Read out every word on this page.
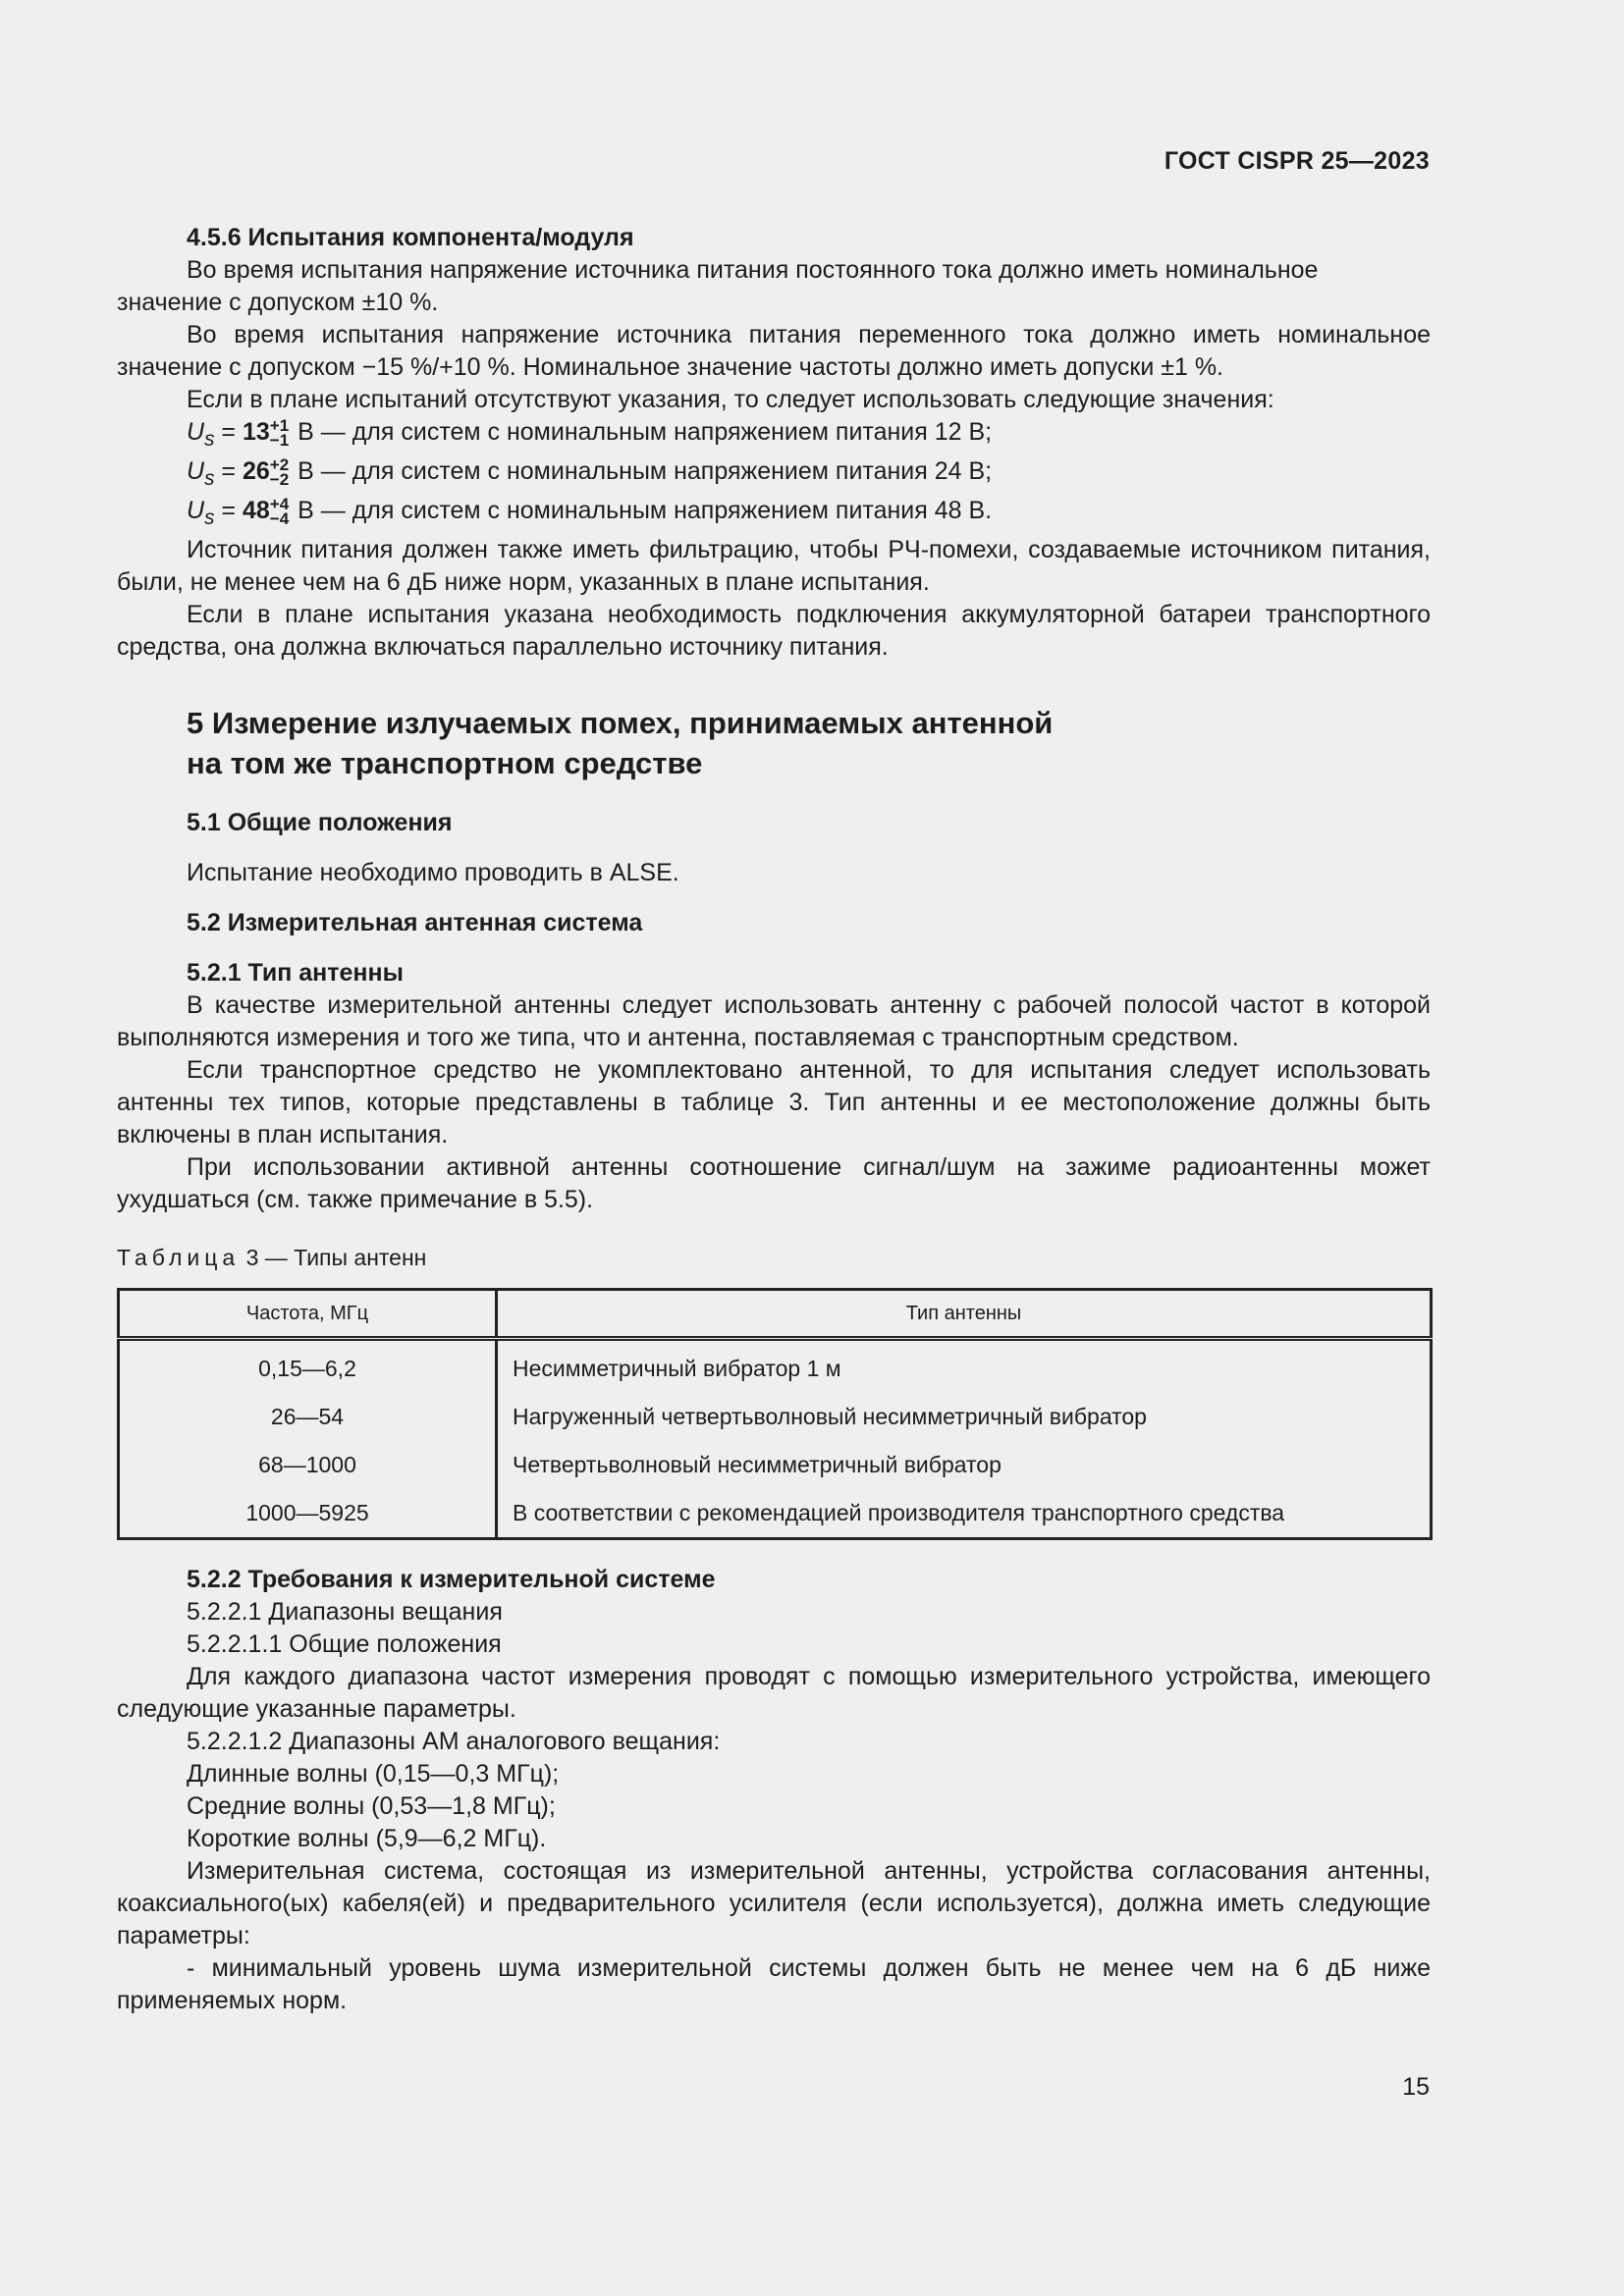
ГОСТ CISPR 25—2023

4.5.6 Испытания компонента/модуля

Во время испытания напряжение источника питания постоянного тока должно иметь номинальное

значение с допуском ±10 %.

Во время испытания напряжение источника питания переменного тока должно иметь номинальное значение с допуском −15 %/+10 %. Номинальное значение частоты должно иметь допуски ±1 %.

Если в плане испытаний отсутствуют указания, то следует использовать следующие значения:

$U_s = 13 +1$
−1 В — для систем с номинальным напряжением питания 12 В;

$U_s = 26 +2$
−2 В — для систем с номинальным напряжением питания 24 В;

$U_s = 48 +4$
−4 В — для систем с номинальным напряжением питания 48 В.

Источник питания должен также иметь фильтрацию, чтобы РЧ-помехи, создаваемые источником питания, были, не менее чем на 6 дБ ниже норм, указанных в плане испытания.

Если в плане испытания указана необходимость подключения аккумуляторной батареи транспортного средства, она должна включаться параллельно источнику питания.

5 Измерение излучаемых помех, принимаемых антенной
на том же транспортном средстве

5.1 Общие положения

Испытание необходимо проводить в ALSE.

5.2 Измерительная антенная система

5.2.1 Тип антенны

В качестве измерительной антенны следует использовать антенну с рабочей полосой частот в которой выполняются измерения и того же типа, что и антенна, поставляемая с транспортным средством.

Если транспортное средство не укомплектовано антенной, то для испытания следует использовать антенны тех типов, которые представлены в таблице 3. Тип антенны и ее местоположение должны быть включены в план испытания.

При использовании активной антенны соотношение сигнал/шум на зажиме радиоантенны может ухудшаться (см. также примечание в 5.5).

Таблица 3 — Типы антенн

Частота, МГц	Тип антенны
0,15—6,2	Несимметричный вибратор 1 м
26—54	Нагруженный четвертьволновый несимметричный вибратор
68—1000	Четвертьволновый несимметричный вибратор
1000—5925	В соответствии с рекомендацией производителя транспортного средства

5.2.2 Требования к измерительной системе

5.2.2.1 Диапазоны вещания

5.2.2.1.1 Общие положения

Для каждого диапазона частот измерения проводят с помощью измерительного устройства, имеющего следующие указанные параметры.

5.2.2.1.2 Диапазоны АМ аналогового вещания:

Длинные волны (0,15—0,3 МГц);

Средние волны (0,53—1,8 МГц);

Короткие волны (5,9—6,2 МГц).

Измерительная система, состоящая из измерительной антенны, устройства согласования антенны, коаксиального(ых) кабеля(ей) и предварительного усилителя (если используется), должна иметь следующие параметры:

- минимальный уровень шума измерительной системы должен быть не менее чем на 6 дБ ниже применяемых норм.

15
